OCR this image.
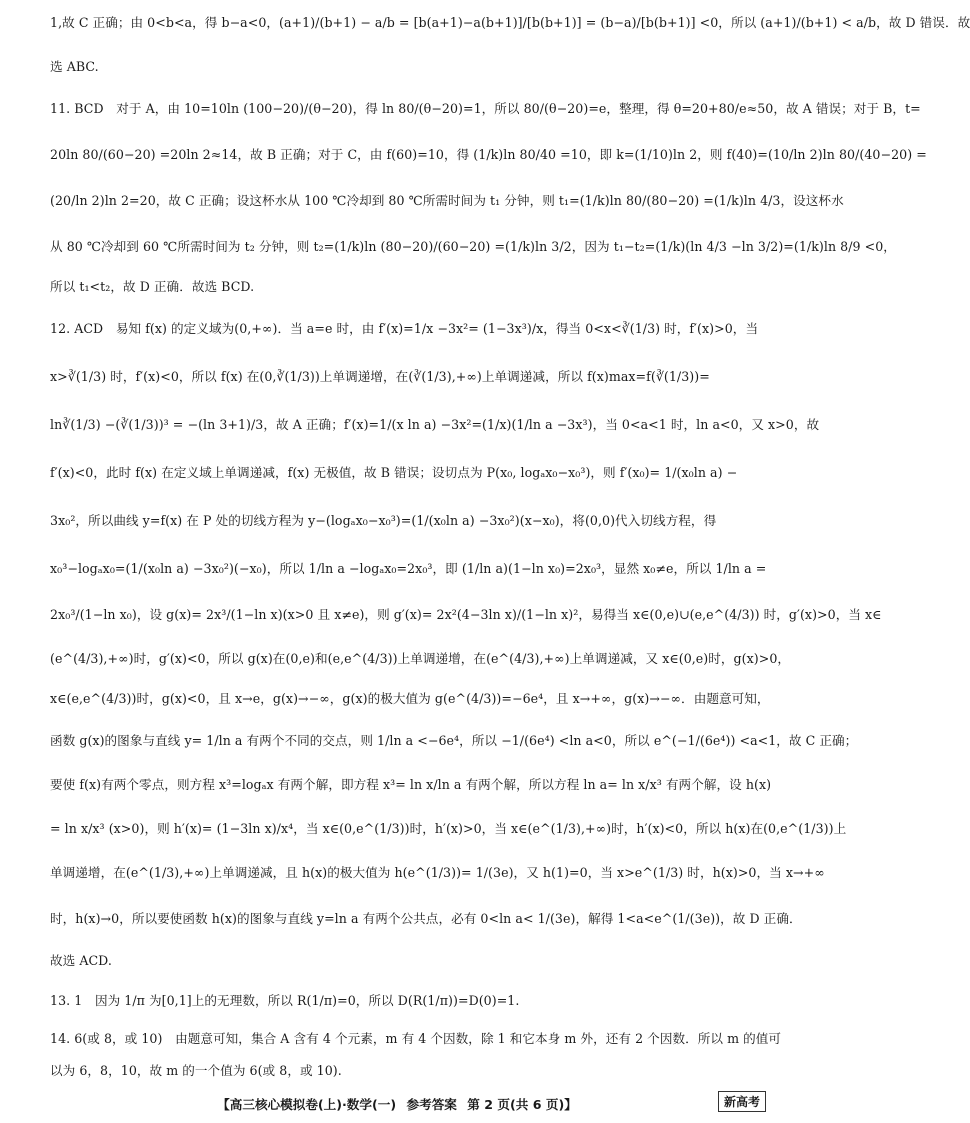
1,故 C 正确；由 0<b<a，得 b−a<0，(a+1)/(b+1) − a/b = [b(a+1)−a(b+1)]/[b(b+1)] = (b−a)/[b(b+1)] <0，所以 (a+1)/(b+1) < a/b，故 D 错误．故
选 ABC.
11. BCD　对于 A，由 10=10ln (100−20)/(θ−20)，得 ln 80/(θ−20)=1，所以 80/(θ−20)=e，整理，得 θ=20+80/e≈50，故 A 错误；对于 B，t=
20ln 80/(60−20) =20ln 2≈14，故 B 正确；对于 C，由 f(60)=10，得 (1/k)ln 80/40 =10，即 k=(1/10)ln 2，则 f(40)=(10/ln 2)ln 80/(40−20) =
(20/ln 2)ln 2=20，故 C 正确；设这杯水从 100 ℃冷却到 80 ℃所需时间为 t₁ 分钟，则 t₁=(1/k)ln 80/(80−20) =(1/k)ln 4/3，设这杯水
从 80 ℃冷却到 60 ℃所需时间为 t₂ 分钟，则 t₂=(1/k)ln (80−20)/(60−20) =(1/k)ln 3/2，因为 t₁−t₂=(1/k)(ln 4/3 −ln 3/2)=(1/k)ln 8/9 <0，
所以 t₁<t₂，故 D 正确．故选 BCD.
12. ACD　易知 f(x) 的定义域为(0,+∞)．当 a=e 时，由 f′(x)=1/x −3x²= (1−3x³)/x，得当 0<x<∛(1/3) 时，f′(x)>0，当
x>∛(1/3) 时，f′(x)<0，所以 f(x) 在(0,∛(1/3))上单调递增，在(∛(1/3),+∞)上单调递减，所以 f(x)max=f(∛(1/3))=
ln∛(1/3) −(∛(1/3))³ = −(ln 3+1)/3，故 A 正确；f′(x)=1/(x ln a) −3x²=(1/x)(1/ln a −3x³)，当 0<a<1 时，ln a<0，又 x>0，故
f′(x)<0，此时 f(x) 在定义域上单调递减，f(x) 无极值，故 B 错误；设切点为 P(x₀, logₐx₀−x₀³)，则 f′(x₀)= 1/(x₀ln a) −
3x₀²，所以曲线 y=f(x) 在 P 处的切线方程为 y−(logₐx₀−x₀³)=(1/(x₀ln a) −3x₀²)(x−x₀)，将(0,0)代入切线方程，得
x₀³−logₐx₀=(1/(x₀ln a) −3x₀²)(−x₀)，所以 1/ln a −logₐx₀=2x₀³，即 (1/ln a)(1−ln x₀)=2x₀³，显然 x₀≠e，所以 1/ln a =
2x₀³/(1−ln x₀)，设 g(x)= 2x³/(1−ln x)(x>0 且 x≠e)，则 g′(x)= 2x²(4−3ln x)/(1−ln x)²，易得当 x∈(0,e)∪(e,e^(4/3)) 时，g′(x)>0，当 x∈
(e^(4/3),+∞)时，g′(x)<0，所以 g(x)在(0,e)和(e,e^(4/3))上单调递增，在(e^(4/3),+∞)上单调递减，又 x∈(0,e)时，g(x)>0，
x∈(e,e^(4/3))时，g(x)<0，且 x→e，g(x)→−∞，g(x)的极大值为 g(e^(4/3))=−6e⁴，且 x→+∞，g(x)→−∞．由题意可知，
函数 g(x)的图象与直线 y= 1/ln a 有两个不同的交点，则 1/ln a <−6e⁴，所以 −1/(6e⁴) <ln a<0，所以 e^(−1/(6e⁴)) <a<1，故 C 正确；
要使 f(x)有两个零点，则方程 x³=logₐx 有两个解，即方程 x³= ln x/ln a 有两个解，所以方程 ln a= ln x/x³ 有两个解，设 h(x)
= ln x/x³ (x>0)，则 h′(x)= (1−3ln x)/x⁴，当 x∈(0,e^(1/3))时，h′(x)>0，当 x∈(e^(1/3),+∞)时，h′(x)<0，所以 h(x)在(0,e^(1/3))上
单调递增，在(e^(1/3),+∞)上单调递减，且 h(x)的极大值为 h(e^(1/3))= 1/(3e)，又 h(1)=0，当 x>e^(1/3) 时，h(x)>0，当 x→+∞
时，h(x)→0，所以要使函数 h(x)的图象与直线 y=ln a 有两个公共点，必有 0<ln a< 1/(3e)，解得 1<a<e^(1/(3e))，故 D 正确．
故选 ACD.
13. 1　因为 1/π 为[0,1]上的无理数，所以 R(1/π)=0，所以 D(R(1/π))=D(0)=1.
14. 6(或 8，或 10)　由题意可知，集合 A 含有 4 个元素，m 有 4 个因数，除 1 和它本身 m 外，还有 2 个因数．所以 m 的值可
以为 6，8，10，故 m 的一个值为 6(或 8，或 10).
【高三核心模拟卷(上)·数学(一) 参考答案 第 2 页(共 6 页)】	新高考
